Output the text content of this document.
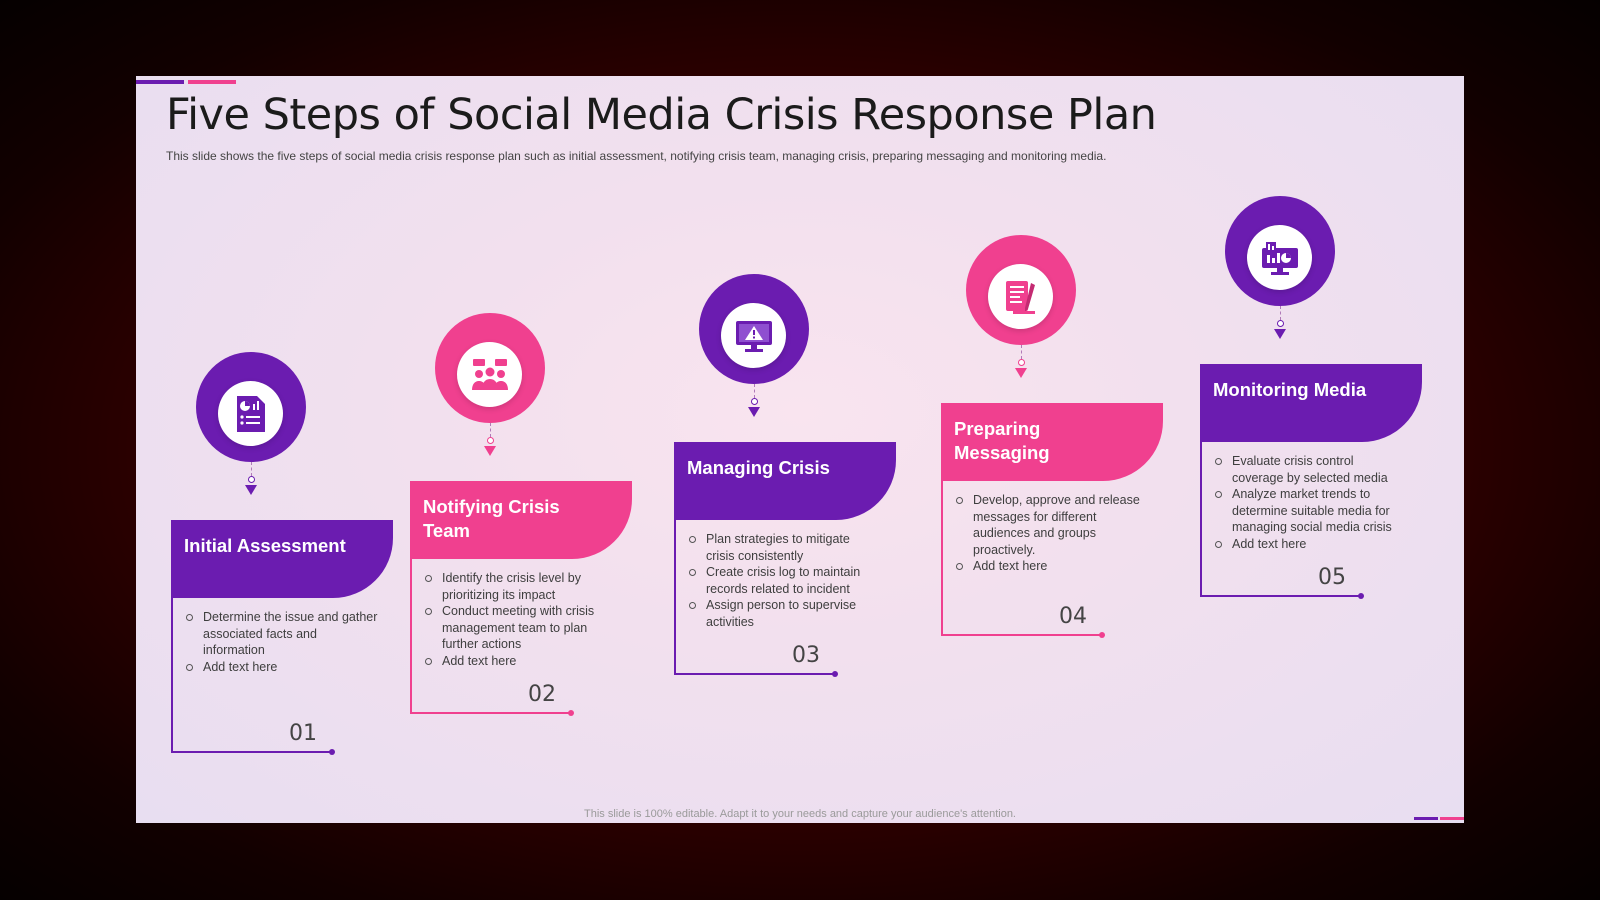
Five Steps of Social Media Crisis Response Plan

This slide shows the five steps of social media crisis response plan such as initial assessment, notifying crisis team, managing crisis, preparing messaging and monitoring media.

Initial Assessment

Determine the issue and gather associated facts and information
Add text here

01

Notifying Crisis Team

Identify the crisis level by prioritizing its impact
Conduct meeting with crisis management team to plan further actions
Add text here

02

Managing Crisis

Plan strategies to mitigate crisis consistently
Create crisis log to maintain records related to incident
Assign person to supervise activities

03

Preparing Messaging

Develop, approve and release messages for different audiences and groups proactively.
Add text here

04

Monitoring Media

Evaluate crisis control coverage by selected media
Analyze market trends to determine suitable media for managing social media crisis
Add text here

05

This slide is 100% editable. Adapt it to your needs and capture your audience's attention.
